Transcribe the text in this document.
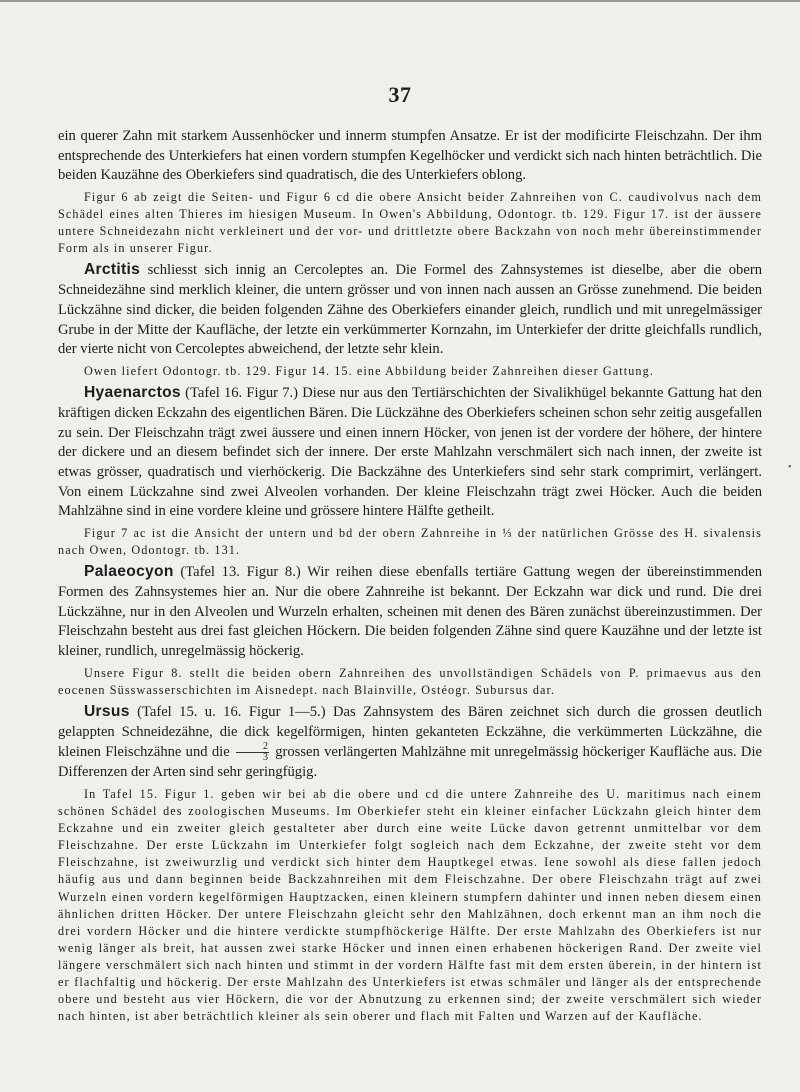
37

ein querer Zahn mit starkem Aussenhöcker und innerm stumpfen Ansatze. Er ist der modificirte Fleischzahn. Der ihm entsprechende des Unterkiefers hat einen vordern stumpfen Kegelhöcker und verdickt sich nach hinten beträchtlich. Die beiden Kauzähne des Oberkiefers sind quadratisch, die des Unterkiefers oblong.

Figur 6 ab zeigt die Seiten- und Figur 6 cd die obere Ansicht beider Zahnreihen von C. caudivolvus nach dem Schädel eines alten Thieres im hiesigen Museum. In Owen's Abbildung, Odontogr. tb. 129. Figur 17. ist der äussere untere Schneidezahn nicht verkleinert und der vor- und drittletzte obere Backzahn von noch mehr übereinstimmender Form als in unserer Figur.

Arctitis schliesst sich innig an Cercoleptes an. Die Formel des Zahnsystemes ist dieselbe, aber die obern Schneidezähne sind merklich kleiner, die untern grösser und von innen nach aussen an Grösse zunehmend. Die beiden Lückzähne sind dicker, die beiden folgenden Zähne des Oberkiefers einander gleich, rundlich und mit unregelmässiger Grube in der Mitte der Kaufläche, der letzte ein verkümmerter Kornzahn, im Unterkiefer der dritte gleichfalls rundlich, der vierte nicht von Cercoleptes abweichend, der letzte sehr klein.

Owen liefert Odontogr. tb. 129. Figur 14. 15. eine Abbildung beider Zahnreihen dieser Gattung.

Hyaenarctos (Tafel 16. Figur 7.) Diese nur aus den Tertiärschichten der Sivalikhügel bekannte Gattung hat den kräftigen dicken Eckzahn des eigentlichen Bären. Die Lückzähne des Oberkiefers scheinen schon sehr zeitig ausgefallen zu sein. Der Fleischzahn trägt zwei äussere und einen innern Höcker, von jenen ist der vordere der höhere, der hintere der dickere und an diesem befindet sich der innere. Der erste Mahlzahn verschmälert sich nach innen, der zweite ist etwas grösser, quadratisch und vierhöckerig. Die Backzähne des Unterkiefers sind sehr stark comprimirt, verlängert. Von einem Lückzahne sind zwei Alveolen vorhanden. Der kleine Fleischzahn trägt zwei Höcker. Auch die beiden Mahlzähne sind in eine vordere kleine und grössere hintere Hälfte getheilt.

Figur 7 ac ist die Ansicht der untern und bd der obern Zahnreihe in ⅓ der natürlichen Grösse des H. sivalensis nach Owen, Odontogr. tb. 131.

Palaeocyon (Tafel 13. Figur 8.) Wir reihen diese ebenfalls tertiäre Gattung wegen der übereinstimmenden Formen des Zahnsystemes hier an. Nur die obere Zahnreihe ist bekannt. Der Eckzahn war dick und rund. Die drei Lückzähne, nur in den Alveolen und Wurzeln erhalten, scheinen mit denen des Bären zunächst übereinzustimmen. Der Fleischzahn besteht aus drei fast gleichen Höckern. Die beiden folgenden Zähne sind quere Kauzähne und der letzte ist kleiner, rundlich, unregelmässig höckerig.

Unsere Figur 8. stellt die beiden obern Zahnreihen des unvollständigen Schädels von P. primaevus aus den eocenen Süsswasserschichten im Aisnedept. nach Blainville, Ostéogr. Subursus dar.

Ursus (Tafel 15. u. 16. Figur 1—5.) Das Zahnsystem des Bären zeichnet sich durch die grossen deutlich gelappten Schneidezähne, die dick kegelförmigen, hinten gekanteten Eckzähne, die verkümmerten Lückzähne, die kleinen Fleischzähne und die $\frac{2}{3}$ grossen verlängerten Mahlzähne mit unregelmässig höckeriger Kaufläche aus. Die Differenzen der Arten sind sehr geringfügig.

In Tafel 15. Figur 1. geben wir bei ab die obere und cd die untere Zahnreihe des U. maritimus nach einem schönen Schädel des zoologischen Museums. Im Oberkiefer steht ein kleiner einfacher Lückzahn gleich hinter dem Eckzahne und ein zweiter gleich gestalteter aber durch eine weite Lücke davon getrennt unmittelbar vor dem Fleischzahne. Der erste Lückzahn im Unterkiefer folgt sogleich nach dem Eckzahne, der zweite steht vor dem Fleischzahne, ist zweiwurzlig und verdickt sich hinter dem Hauptkegel etwas. Iene sowohl als diese fallen jedoch häufig aus und dann beginnen beide Backzahnreihen mit dem Fleischzahne. Der obere Fleischzahn trägt auf zwei Wurzeln einen vordern kegelförmigen Hauptzacken, einen kleinern stumpfern dahinter und innen neben diesem einen ähnlichen dritten Höcker. Der untere Fleischzahn gleicht sehr den Mahlzähnen, doch erkennt man an ihm noch die drei vordern Höcker und die hintere verdickte stumpfhöckerige Hälfte. Der erste Mahlzahn des Oberkiefers ist nur wenig länger als breit, hat aussen zwei starke Höcker und innen einen erhabenen höckerigen Rand. Der zweite viel längere verschmälert sich nach hinten und stimmt in der vordern Hälfte fast mit dem ersten überein, in der hintern ist er flachfaltig und höckerig. Der erste Mahlzahn des Unterkiefers ist etwas schmäler und länger als der entsprechende obere und besteht aus vier Höckern, die vor der Abnutzung zu erkennen sind; der zweite verschmälert sich wieder nach hinten, ist aber beträchtlich kleiner als sein oberer und flach mit Falten und Warzen auf der Kaufläche.

•
